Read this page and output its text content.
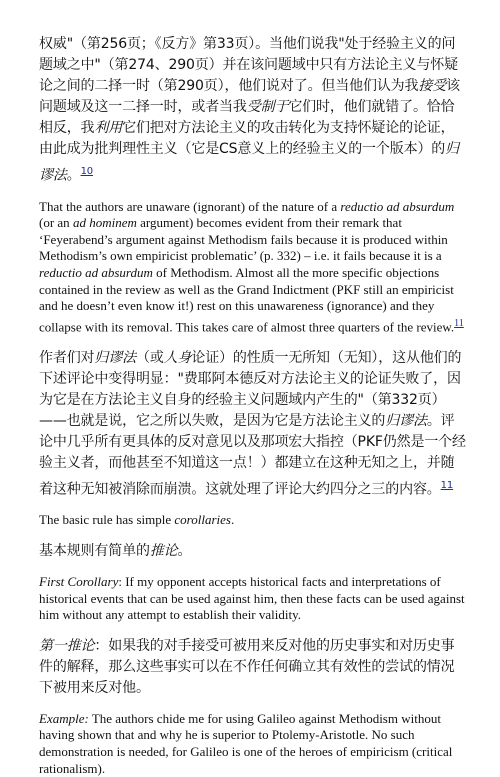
权威"（第256页；《反方》第33页）。当他们说我"处于经验主义的问题域之中"（第274、290页）并在该问题域中只有方法论主义与怀疑论之间的二择一时（第290页），他们说对了。但当他们认为我接受该问题域及这一二择一时，或者当我受制于它们时，他们就错了。恰恰相反，我利用它们把对方法论主义的攻击转化为支持怀疑论的论证，由此成为批判理性主义（它是CS意义上的经验主义的一个版本）的归谬法。$^{10}$

That the authors are unaware (ignorant) of the nature of a reductio ad absurdum (or an ad hominem argument) becomes evident from their remark that ‘Feyerabend’s argument against Methodism fails because it is produced within Methodism’s own empiricist problematic’ (p. 332) – i.e. it fails because it is a reductio ad absurdum of Methodism. Almost all the more specific objections contained in the review as well as the Grand Indictment (PKF still an empiricist and he doesn’t even know it!) rest on this unawareness (ignorance) and they collapse with its removal. This takes care of almost three quarters of the review.$^{11}$

作者们对归谬法（或人身论证）的性质一无所知（无知），这从他们的下述评论中变得明显："费耶阿本德反对方法论主义的论证失败了，因为它是在方法论主义自身的经验主义问题域内产生的"（第332页）——也就是说，它之所以失败，是因为它是方法论主义的归谬法。评论中几乎所有更具体的反对意见以及那项宏大指控（PKF仍然是一个经验主义者，而他甚至不知道这一点！）都建立在这种无知之上，并随着这种无知被消除而崩溃。这就处理了评论大约四分之三的内容。$^{11}$

The basic rule has simple corollaries.

基本规则有简单的推论。

First Corollary: If my opponent accepts historical facts and interpretations of historical events that can be used against him, then these facts can be used against him without any attempt to establish their validity.

第一推论：如果我的对手接受可被用来反对他的历史事实和对历史事件的解释，那么这些事实可以在不作任何确立其有效性的尝试的情况下被用来反对他。

Example: The authors chide me for using Galileo against Methodism without having shown that and why he is superior to Ptolemy-Aristotle. No such demonstration is needed, for Galileo is one of the heroes of empiricism (critical rationalism).
